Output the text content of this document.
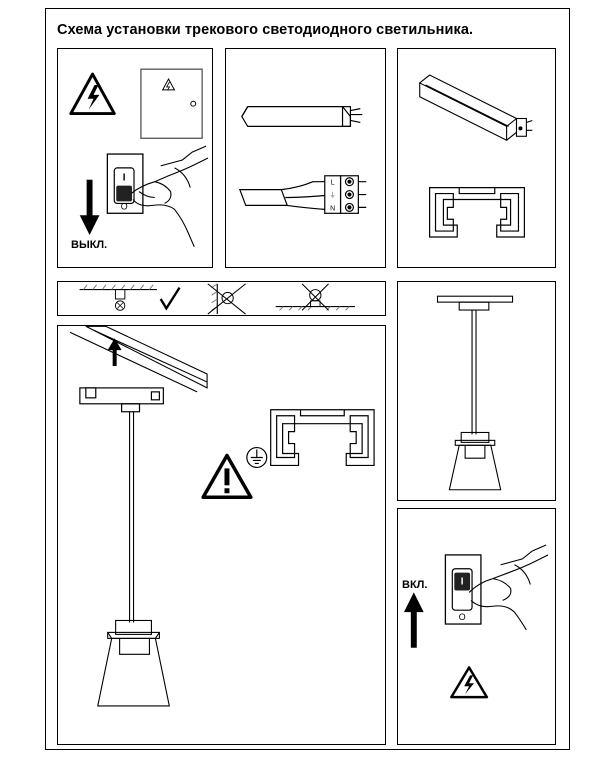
Схема установки трекового светодиодного светильника.
I
O
ВЫКЛ.
L
⏚
N
I
O
ВКЛ.
